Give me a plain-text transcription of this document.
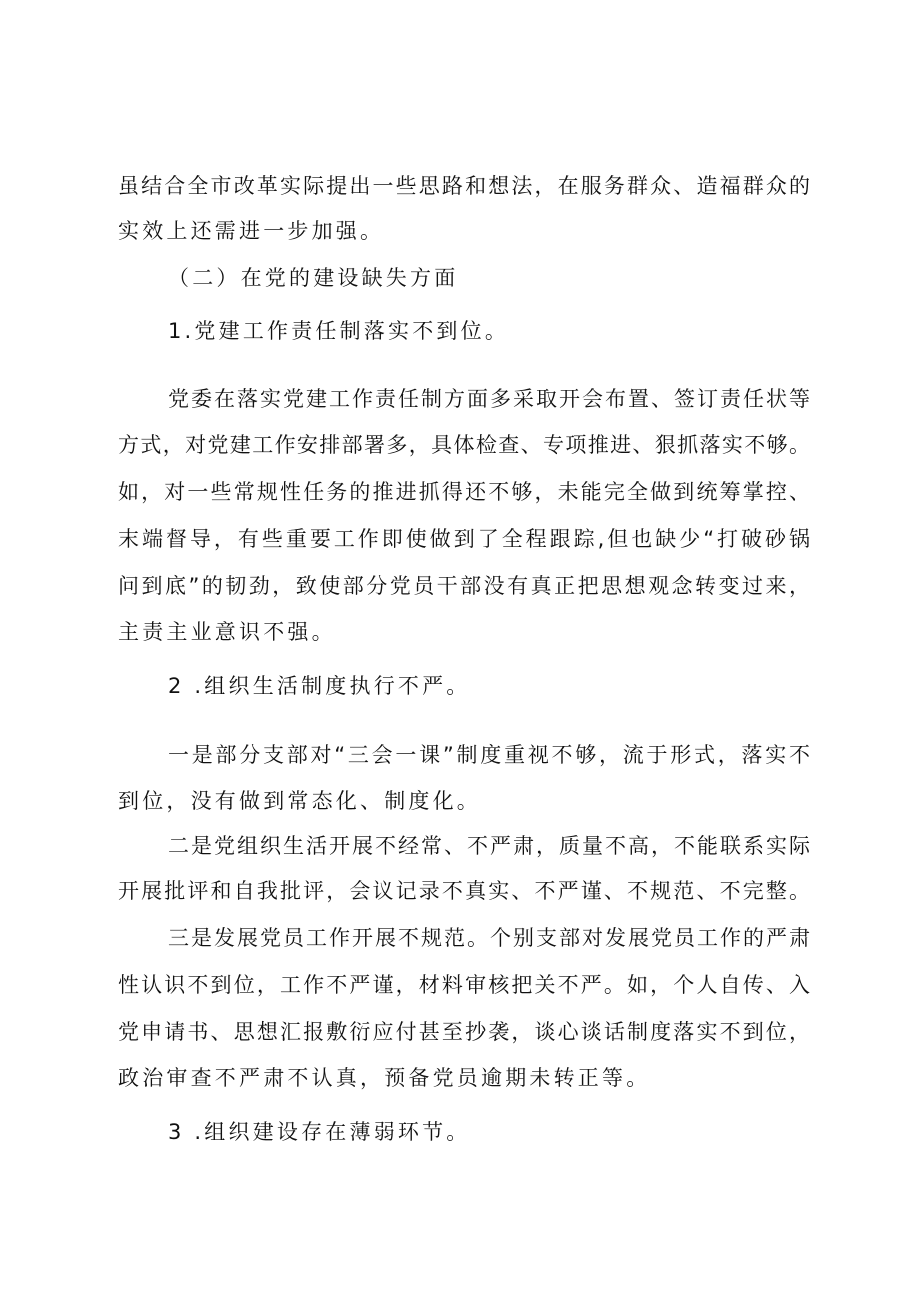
虽结合全市改革实际提出一些思路和想法，在服务群众、造福群众的
实效上还需进一步加强。
（二）在党的建设缺失方面
1.党建工作责任制落实不到位。
党委在落实党建工作责任制方面多采取开会布置、签订责任状等
方式，对党建工作安排部署多，具体检查、专项推进、狠抓落实不够。
如，对一些常规性任务的推进抓得还不够，未能完全做到统筹掌控、
末端督导，有些重要工作即使做到了全程跟踪,但也缺少“打破砂锅
问到底”的韧劲，致使部分党员干部没有真正把思想观念转变过来，
主责主业意识不强。
2 .组织生活制度执行不严。
一是部分支部对“三会一课”制度重视不够，流于形式，落实不
到位，没有做到常态化、制度化。
二是党组织生活开展不经常、不严肃，质量不高，不能联系实际
开展批评和自我批评，会议记录不真实、不严谨、不规范、不完整。
三是发展党员工作开展不规范。个别支部对发展党员工作的严肃
性认识不到位，工作不严谨，材料审核把关不严。如，个人自传、入
党申请书、思想汇报敷衍应付甚至抄袭，谈心谈话制度落实不到位，
政治审查不严肃不认真，预备党员逾期未转正等。
3 .组织建设存在薄弱环节。
